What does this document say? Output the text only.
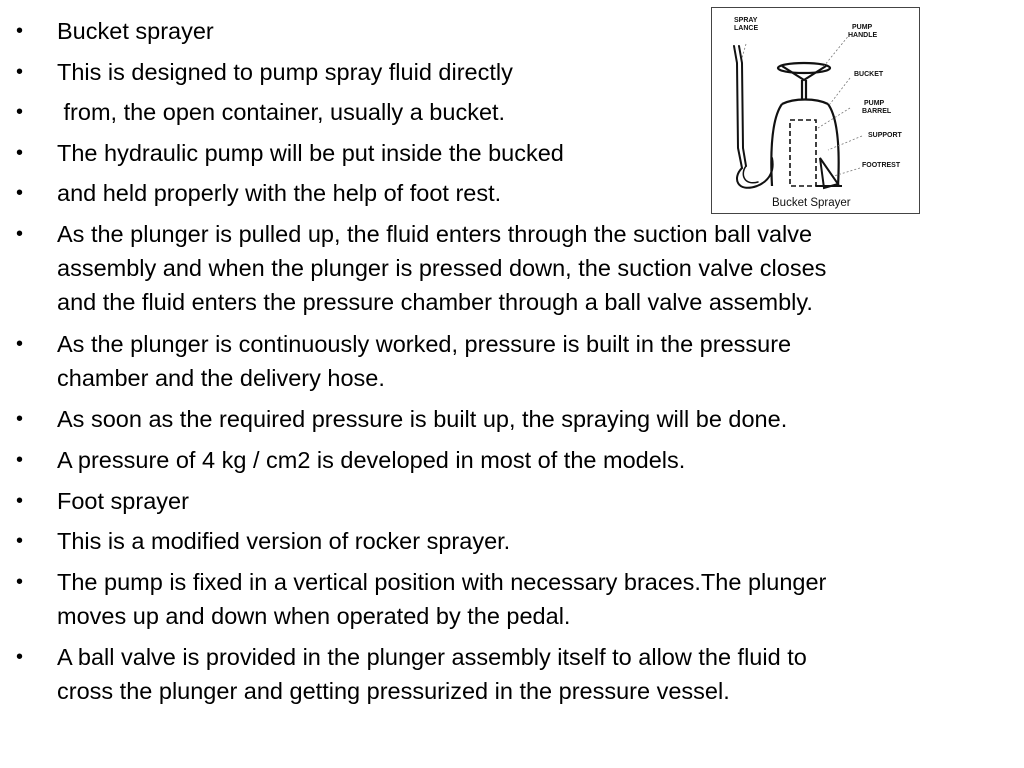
• Bucket sprayer
• This is designed to pump spray fluid directly
• from, the open container, usually a bucket.
• The hydraulic pump will be put inside the bucked
• and held properly with the help of foot rest.
• As the plunger is pulled up, the fluid enters through the suction ball valve
assembly and when the plunger is pressed down, the suction valve closes
and the fluid enters the pressure chamber through a ball valve assembly.
• As the plunger is continuously worked, pressure is built in the pressure
chamber and the delivery hose.
• As soon as the required pressure is built up, the spraying will be done.
• A pressure of 4 kg / cm2 is developed in most of the models.
• Foot sprayer
• This is a modified version of rocker sprayer.
• The pump is fixed in a vertical position with necessary braces.The plunger
moves up and down when operated by the pedal.
• A ball valve is provided in the plunger assembly itself to allow the fluid to
cross the plunger and getting pressurized in the pressure vessel.
SPRAY
LANCE	PUMP
HANDLE
BUCKET
PUMP
BARREL
SUPPORT
FOOTREST
Bucket Sprayer
